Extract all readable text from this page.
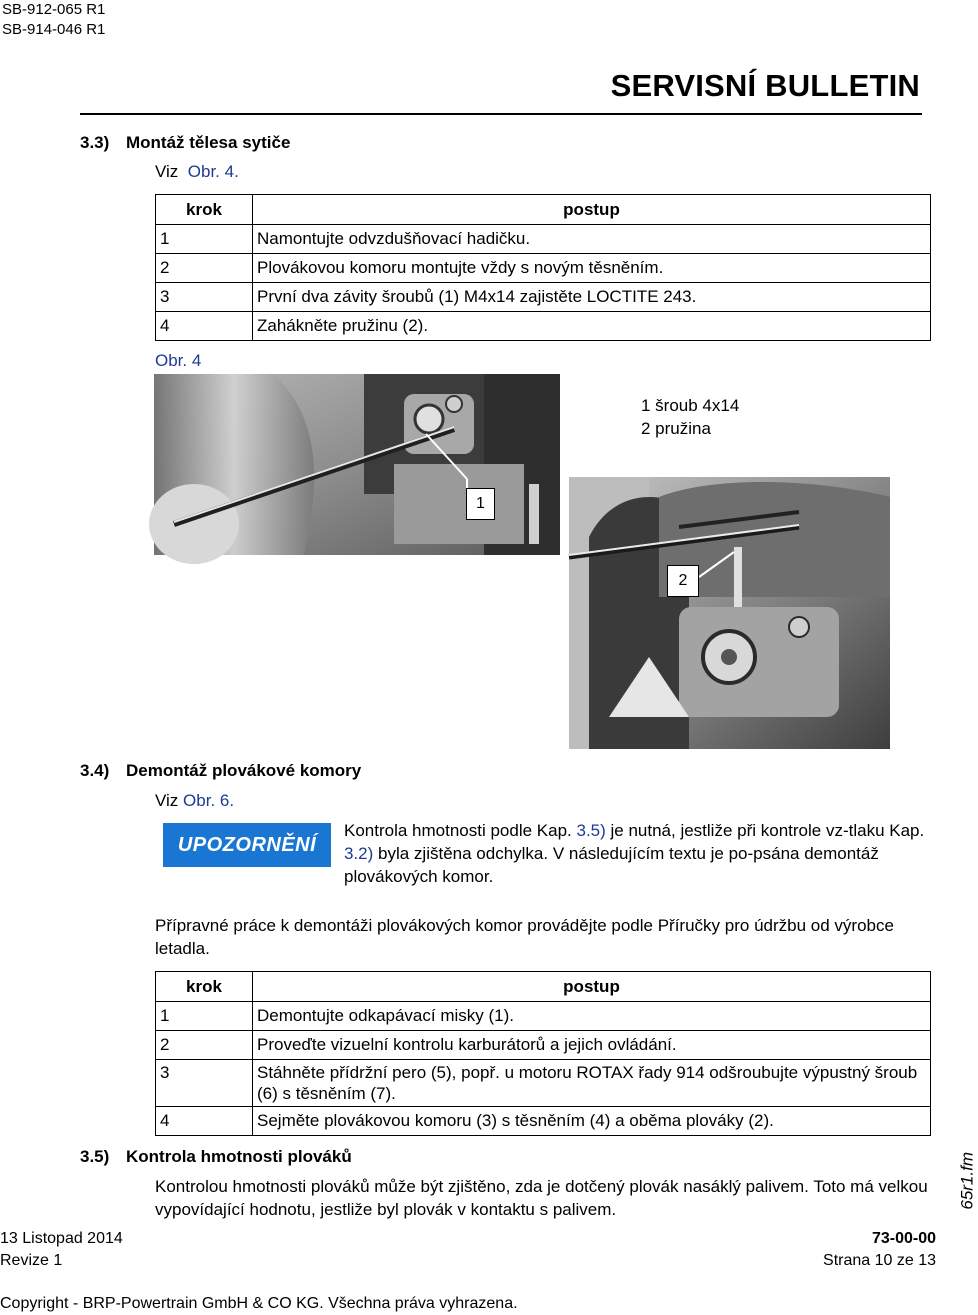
SB-912-065 R1
SB-914-046 R1
SERVISNÍ BULLETIN
3.3) Montáž tělesa sytiče
Viz Obr. 4.
krok	postup
1	Namontujte odvzdušňovací hadičku.
2	Plovákovou komoru montujte vždy s novým těsněním.
3	První dva závity šroubů (1) M4x14 zajistěte LOCTITE 243.
4	Zahákněte pružinu (2).
Obr. 4
1 šroub 4x14
2 pružina
1
2
3.4) Demontáž plovákové komory
Viz Obr. 6.
UPOZORNĚNÍ
Kontrola hmotnosti podle Kap. 3.5) je nutná, jestliže při kontrole vz-tlaku Kap. 3.2) byla zjištěna odchylka. V následujícím textu je po-psána demontáž plovákových komor.
Přípravné práce k demontáži plovákových komor provádějte podle Příručky pro údržbu od výrobce letadla.
krok	postup
1	Demontujte odkapávací misky (1).
2	Proveďte vizuelní kontrolu karburátorů a jejich ovládání.
3	Stáhněte přídržní pero (5), popř. u motoru ROTAX řady 914 odšroubujte výpustný šroub (6) s těsněním (7).
4	Sejměte plovákovou komoru (3) s těsněním (4) a oběma plováky (2).
3.5) Kontrola hmotnosti plováků
Kontrolou hmotnosti plováků může být zjištěno, zda je dotčený plovák nasáklý palivem. Toto má velkou vypovídající hodnotu, jestliže byl plovák v kontaktu s palivem.	65r1.fm
13 Listopad 2014
Revize 1
73-00-00
Strana 10 ze 13
Copyright - BRP-Powertrain GmbH & CO KG. Všechna práva vyhrazena.
